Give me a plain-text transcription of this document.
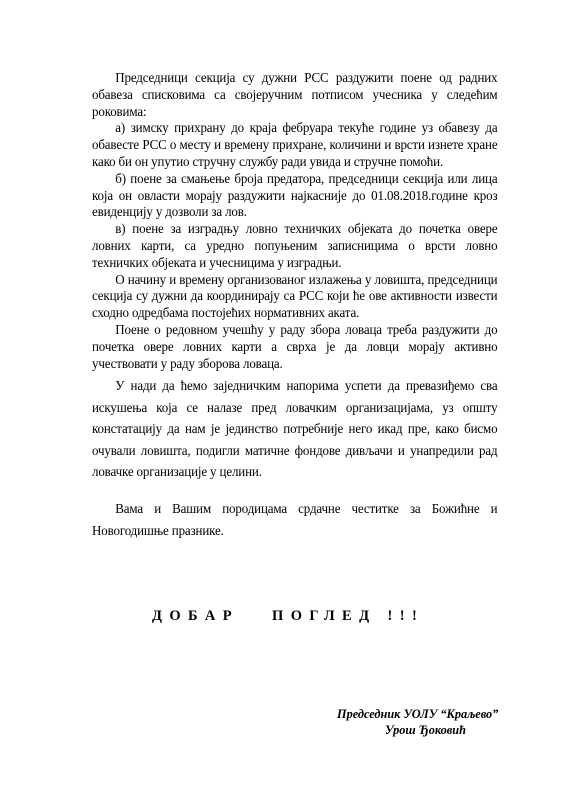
Председници секција су дужни РСС раздужити поене од радних обавеза списковима са својеручним потписом учесника у следећим роковима:

а) зимску прихрану до краја фебруара текуће године уз обавезу да обавесте РСС о месту и времену прихране, количини и врсти изнете хране како би он упутио стручну службу ради увида и стручне помоћи.

б) поене за смањење броја предатора, председници секција или лица која он овласти морају раздужити најкасније до 01.08.2018.године кроз евиденцију у дозволи за лов.

в) поене за изградњу ловно техничких објеката до почетка овере ловних карти, са уредно попуњеним записницима о врсти ловно техничких објеката и учесницима у изградњи.

О начину и времену организованог излажења у ловишта, председници секција су дужни да координирају са РСС који ће ове активности извести сходно одредбама постојећих нормативних аката.

Поене о редовном учешћу у раду збора ловаца треба раздужити до почетка овере ловних карти а сврха је да ловци морају активно учествовати у раду зборова ловаца.

У нади да ћемо заједничким напорима успети да превазиђемо сва искушења која се налазе пред ловачким организацијама, уз општу констатацију да нам је јединство потребније него икад пре, како бисмо очували ловишта, подигли матичне фондове дивљачи и унапредили рад ловачке организације у целини.

Вама и Вашим породицама срдачне честитке за Божићне и Новогодишње празнике.

ДОБАР   ПОГЛЕД !!!
Председник УОЛУ “Краљево”
Урош Ђоковић
